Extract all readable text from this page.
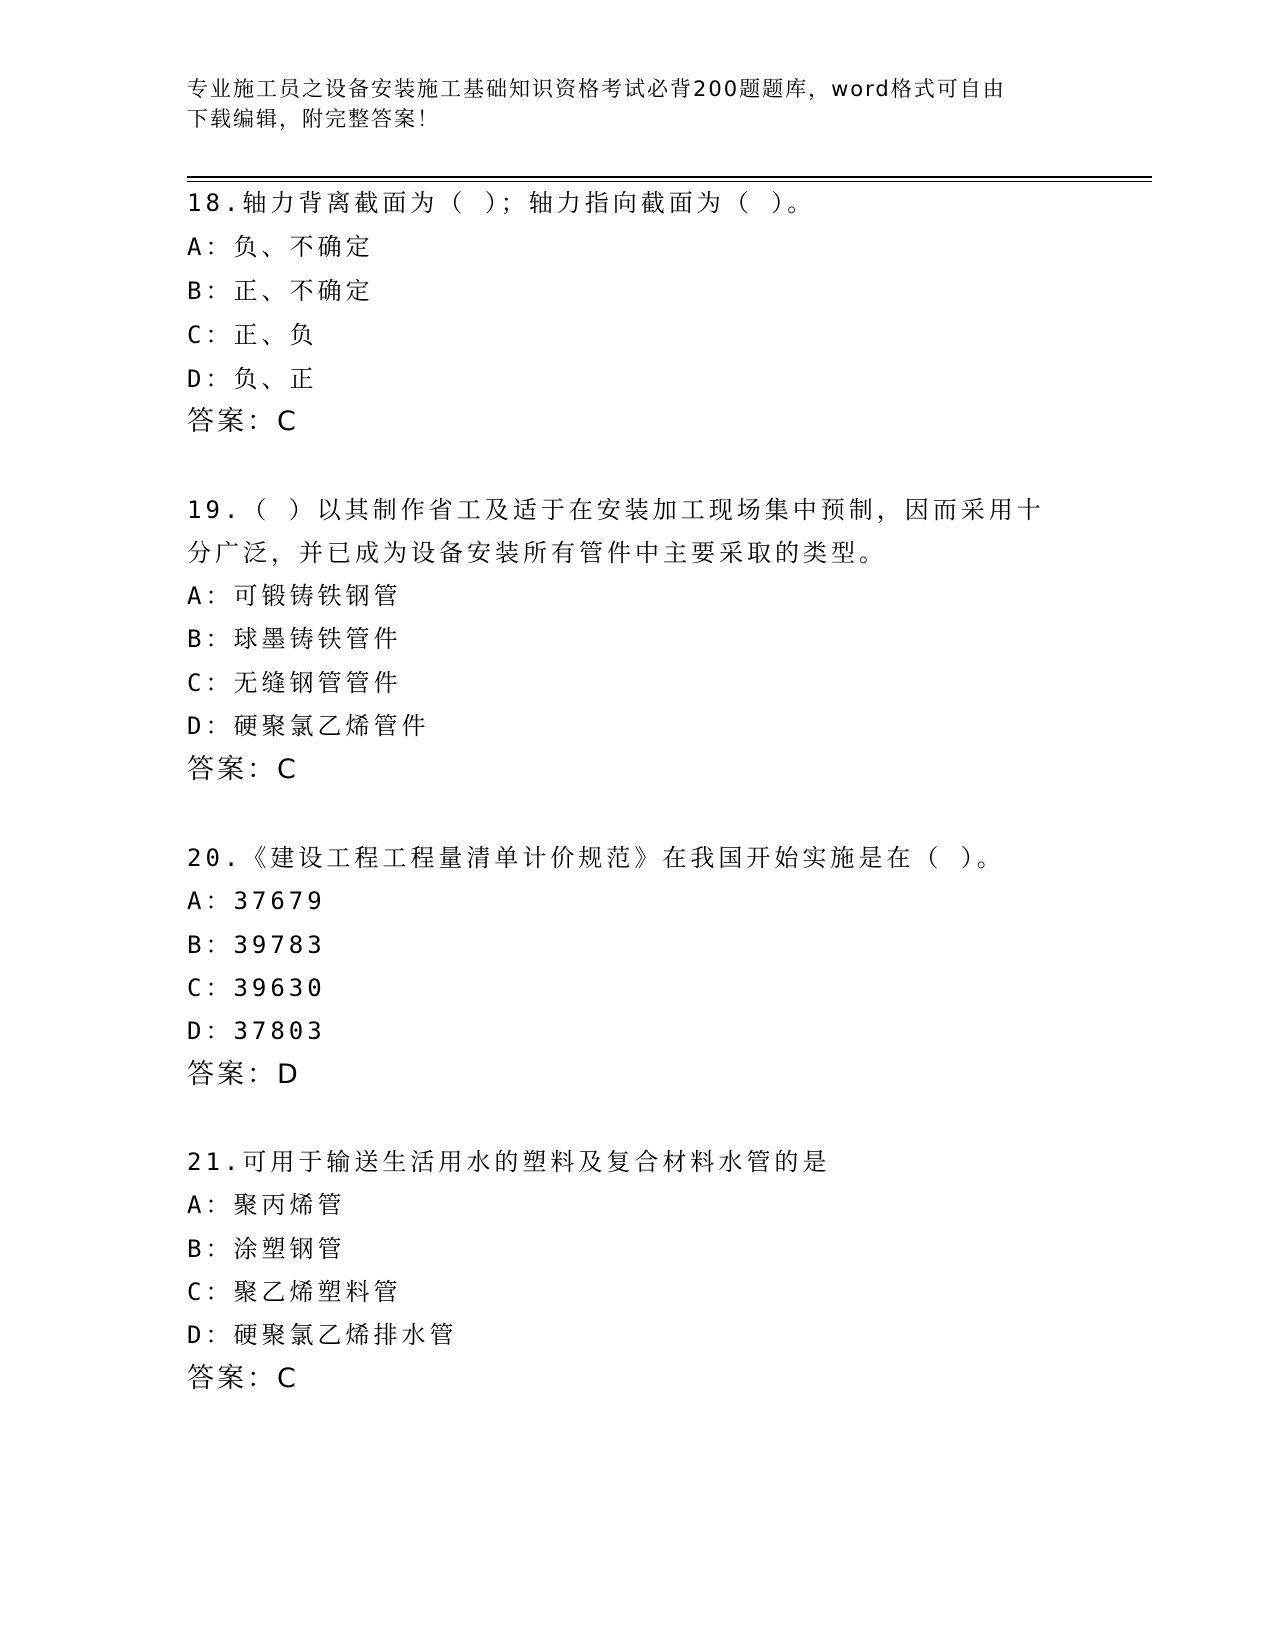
专业施工员之设备安装施工基础知识资格考试必背200题题库，word格式可自由
下载编辑，附完整答案！
18.轴力背离截面为（ ）；轴力指向截面为（ ）。
A：负、不确定
B：正、不确定
C：正、负
D：负、正
答案：C
19.（ ）以其制作省工及适于在安装加工现场集中预制，因而采用十
分广泛，并已成为设备安装所有管件中主要采取的类型。
A：可锻铸铁钢管
B：球墨铸铁管件
C：无缝钢管管件
D：硬聚氯乙烯管件
答案：C
20.《建设工程工程量清单计价规范》在我国开始实施是在（ ）。
A：37679
B：39783
C：39630
D：37803
答案：D
21.可用于输送生活用水的塑料及复合材料水管的是
A：聚丙烯管
B：涂塑钢管
C：聚乙烯塑料管
D：硬聚氯乙烯排水管
答案：C
